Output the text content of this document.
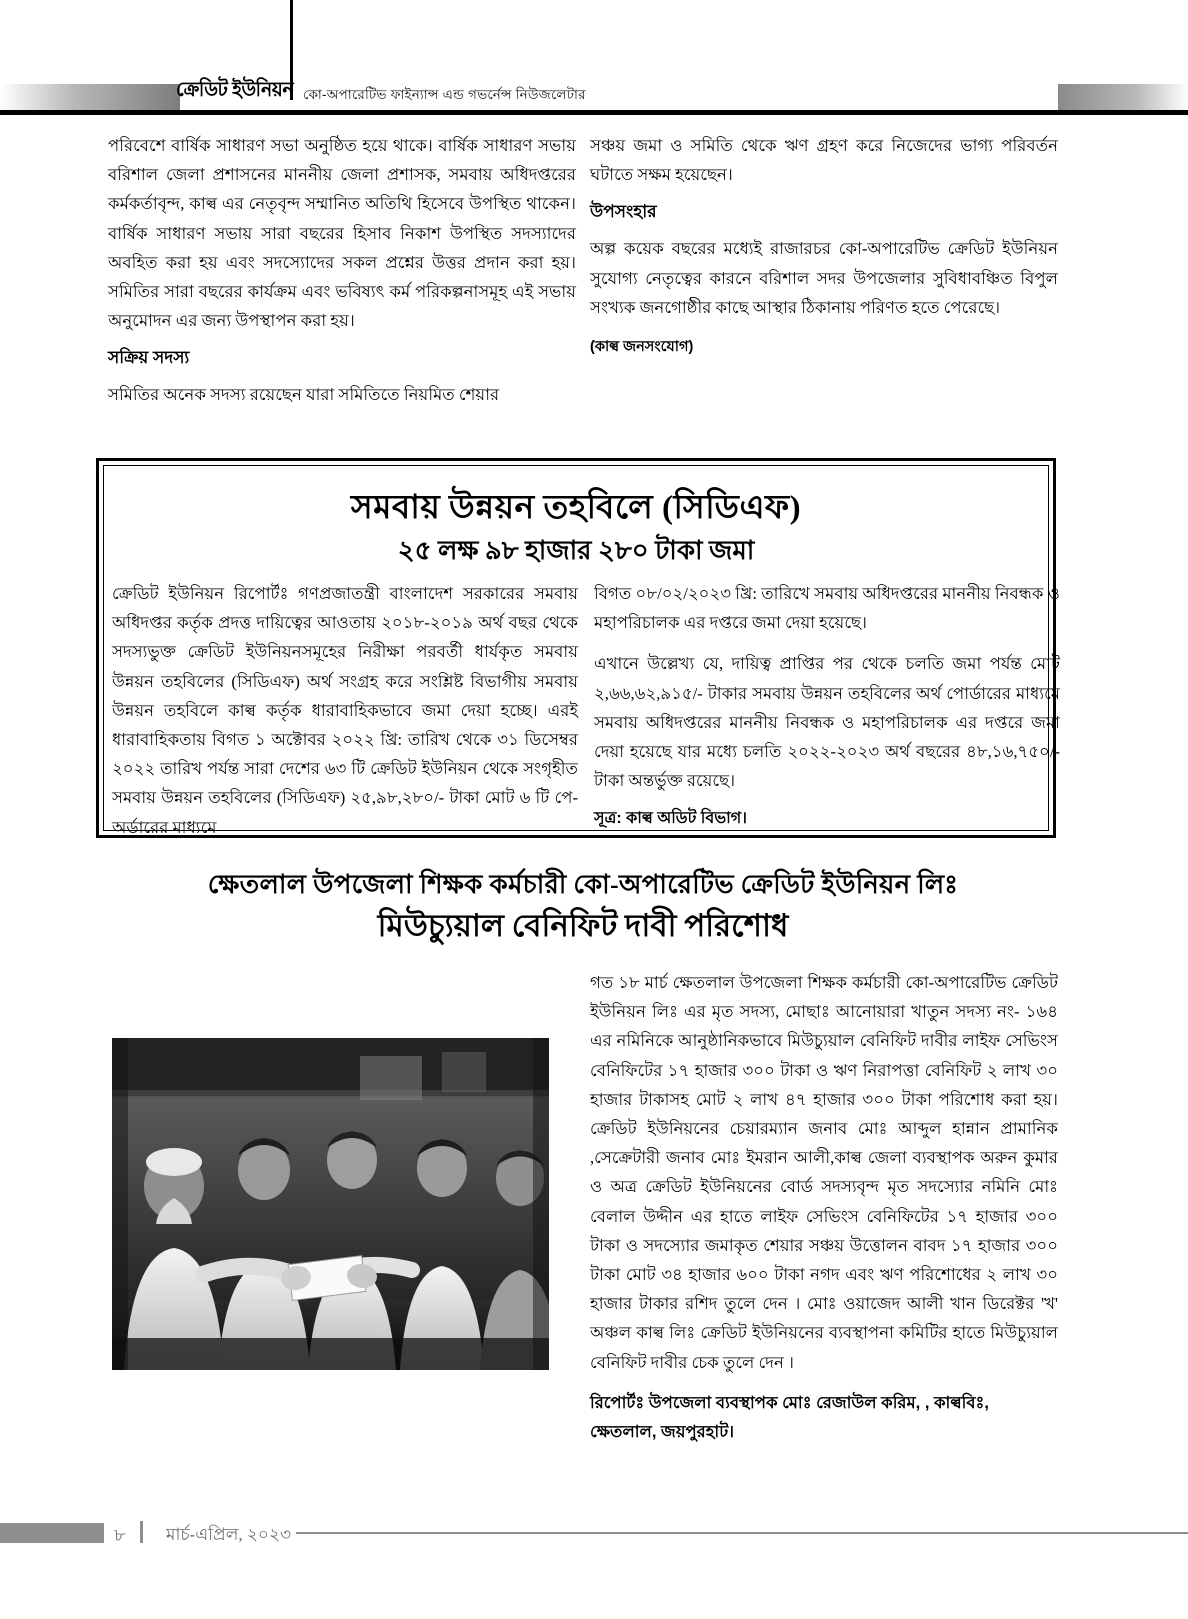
ক্রেডিট ইউনিয়ন কো-অপারেটিভ ফাইন্যান্স এন্ড গভর্নেন্স নিউজলেটার
পরিবেশে বার্ষিক সাধারণ সভা অনুষ্ঠিত হয়ে থাকে। বার্ষিক সাধারণ সভায় বরিশাল জেলা প্রশাসনের মাননীয় জেলা প্রশাসক, সমবায় অধিদপ্তরের কর্মকর্তাবৃন্দ, কাল্ব এর নেতৃবৃন্দ সম্মানিত অতিথি হিসেবে উপস্থিত থাকেন। বার্ষিক সাধারণ সভায় সারা বছরের হিসাব নিকাশ উপস্থিত সদস্যাদের অবহিত করা হয় এবং সদস্যোদের সকল প্রশ্নের উত্তর প্রদান করা হয়। সমিতির সারা বছরের কার্যক্রম এবং ভবিষ্যৎ কর্ম পরিকল্পনাসমূহ এই সভায় অনুমোদন এর জন্য উপস্থাপন করা হয়।
সক্রিয় সদস্য
সমিতির অনেক সদস্য রয়েছেন যারা সমিতিতে নিয়মিত শেয়ার
সঞ্চয় জমা ও সমিতি থেকে ঋণ গ্রহণ করে নিজেদের ভাগ্য পরিবর্তন ঘটাতে সক্ষম হয়েছেন।
উপসংহার
অল্প কয়েক বছরের মধ্যেই রাজারচর কো-অপারেটিভ ক্রেডিট ইউনিয়ন সুযোগ্য নেতৃত্বের কারনে বরিশাল সদর উপজেলার সুবিধাবঞ্চিত বিপুল সংখ্যক জনগোষ্ঠীর কাছে আস্থার ঠিকানায় পরিণত হতে পেরেছে।
(কাল্ব জনসংযোগ)
সমবায় উন্নয়ন তহবিলে (সিডিএফ)
২৫ লক্ষ ৯৮ হাজার ২৮০ টাকা জমা
ক্রেডিট ইউনিয়ন রিপোর্টঃ গণপ্রজাতন্ত্রী বাংলাদেশ সরকারের সমবায় অধিদপ্তর কর্তৃক প্রদত্ত দায়িত্বের আওতায় ২০১৮-২০১৯ অর্থ বছর থেকে সদস্যভুক্ত ক্রেডিট ইউনিয়নসমূহের নিরীক্ষা পরবর্তী ধার্যকৃত সমবায় উন্নয়ন তহবিলের (সিডিএফ) অর্থ সংগ্রহ করে সংশ্লিষ্ট বিভাগীয় সমবায় উন্নয়ন তহবিলে কাল্ব কর্তৃক ধারাবাহিকভাবে জমা দেয়া হচ্ছে। এরই ধারাবাহিকতায় বিগত ১ অক্টোবর ২০২২ খ্রি: তারিখ থেকে ৩১ ডিসেম্বর ২০২২ তারিখ পর্যন্ত সারা দেশের ৬৩ টি ক্রেডিট ইউনিয়ন থেকে সংগৃহীত সমবায় উন্নয়ন তহবিলের (সিডিএফ) ২৫,৯৮,২৮০/- টাকা মোট ৬ টি পে-অর্ডারের মাধ্যমে
বিগত ০৮/০২/২০২৩ খ্রি: তারিখে সমবায় অধিদপ্তরের মাননীয় নিবন্ধক ও মহাপরিচালক এর দপ্তরে জমা দেয়া হয়েছে।
এখানে উল্লেখ্য যে, দায়িত্ব প্রাপ্তির পর থেকে চলতি জমা পর্যন্ত মোট ২,৬৬,৬২,৯১৫/- টাকার সমবায় উন্নয়ন তহবিলের অর্থ পোর্ডারের মাধ্যমে সমবায় অধিদপ্তরের মাননীয় নিবন্ধক ও মহাপরিচালক এর দপ্তরে জমা দেয়া হয়েছে যার মধ্যে চলতি ২০২২-২০২৩ অর্থ বছরের ৪৮,১৬,৭৫০/- টাকা অন্তর্ভুক্ত রয়েছে।
সূত্র: কাল্ব অডিট বিভাগ।
ক্ষেতলাল উপজেলা শিক্ষক কর্মচারী কো-অপারেটিভ ক্রেডিট ইউনিয়ন লিঃ
মিউচ্যুয়াল বেনিফিট দাবী পরিশোধ
গত ১৮ মার্চ ক্ষেতলাল উপজেলা শিক্ষক কর্মচারী কো-অপারেটিভ ক্রেডিট ইউনিয়ন লিঃ এর মৃত সদস্য, মোছাঃ আনোয়ারা খাতুন সদস্য নং- ১৬৪ এর নমিনিকে আনুষ্ঠানিকভাবে মিউচ্যুয়াল বেনিফিট দাবীর লাইফ সেভিংস বেনিফিটের ১৭ হাজার ৩০০ টাকা ও ঋণ নিরাপত্তা বেনিফিট ২ লাখ ৩০ হাজার টাকাসহ মোট ২ লাখ ৪৭ হাজার ৩০০ টাকা পরিশোধ করা হয়। ক্রেডিট ইউনিয়নের চেয়ারম্যান জনাব মোঃ আব্দুল হান্নান প্রামানিক ,সেক্রেটারী জনাব মোঃ ইমরান আলী,কাল্ব জেলা ব্যবস্থাপক অরুন কুমার ও অত্র ক্রেডিট ইউনিয়নের বোর্ড সদস্যবৃন্দ মৃত সদস্যোর নমিনি মোঃ বেলাল উদ্দীন এর হাতে লাইফ সেভিংস বেনিফিটের ১৭ হাজার ৩০০ টাকা ও সদস্যোর জমাকৃত শেয়ার সঞ্চয় উত্তোলন বাবদ ১৭ হাজার ৩০০ টাকা মোট ৩৪ হাজার ৬০০ টাকা নগদ এবং ঋণ পরিশোধের ২ লাখ ৩০ হাজার টাকার রশিদ তুলে দেন । মোঃ ওয়াজেদ আলী খান ডিরেক্টর 'খ' অঞ্চল কাল্ব লিঃ ক্রেডিট ইউনিয়নের ব্যবস্থাপনা কমিটির হাতে মিউচ্যুয়াল বেনিফিট দাবীর চেক তুলে দেন ।
রিপোর্টঃ উপজেলা ব্যবস্থাপক মোঃ রেজাউল করিম, , কাল্ববিঃ, ক্ষেতলাল, জয়পুরহাট।
৮ মার্চ-এপ্রিল, ২০২৩
